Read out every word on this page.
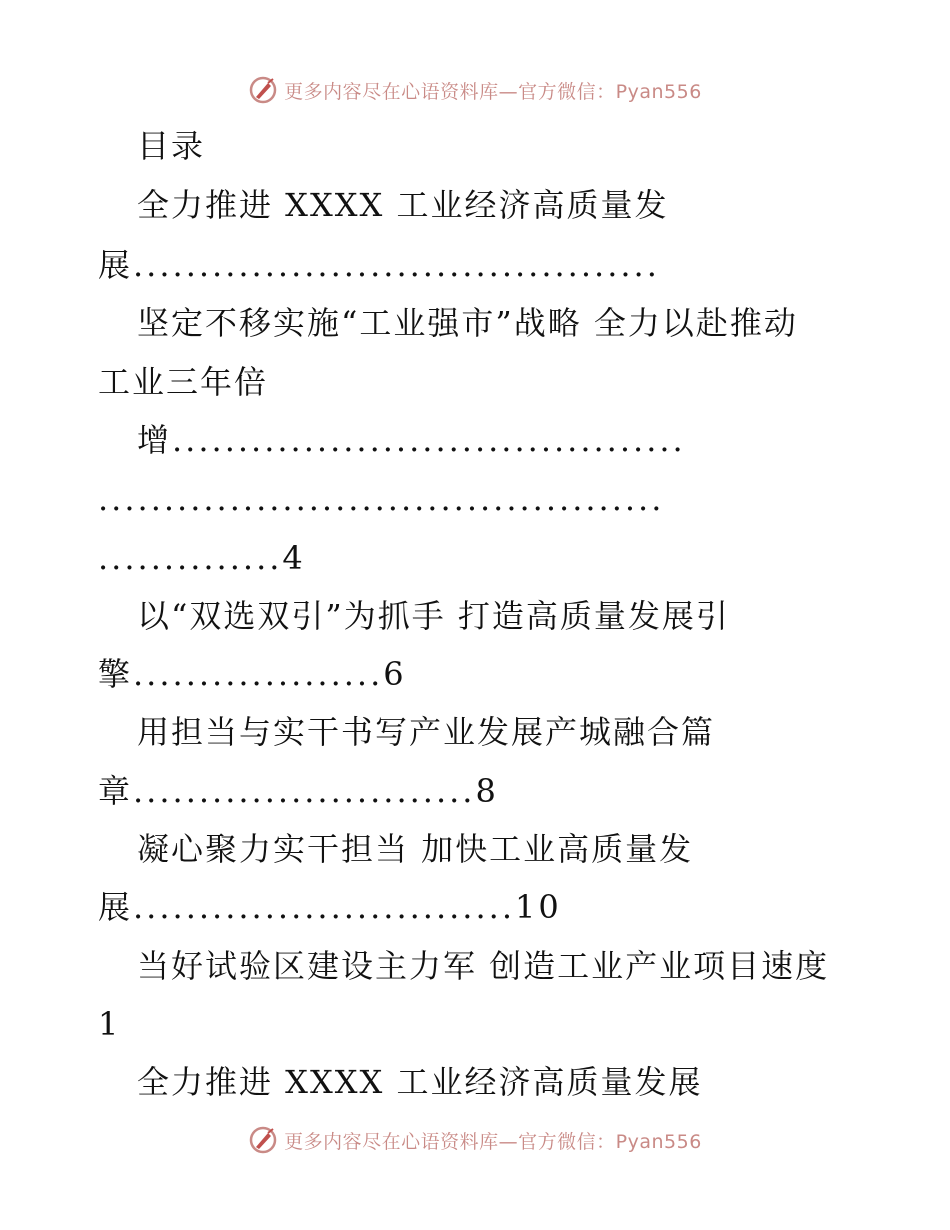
更多内容尽在心语资料库—官方微信：Pyan556
目录
全力推进 XXXX 工业经济高质量发
展........................................
坚定不移实施“工业强市”战略 全力以赴推动
工业三年倍
增.......................................
...........................................
..............4
以“双选双引”为抓手 打造高质量发展引
擎...................6
用担当与实干书写产业发展产城融合篇
章..........................8
凝心聚力实干担当 加快工业高质量发
展.............................10
当好试验区建设主力军 创造工业产业项目速度
1
全力推进 XXXX 工业经济高质量发展
更多内容尽在心语资料库—官方微信：Pyan556
